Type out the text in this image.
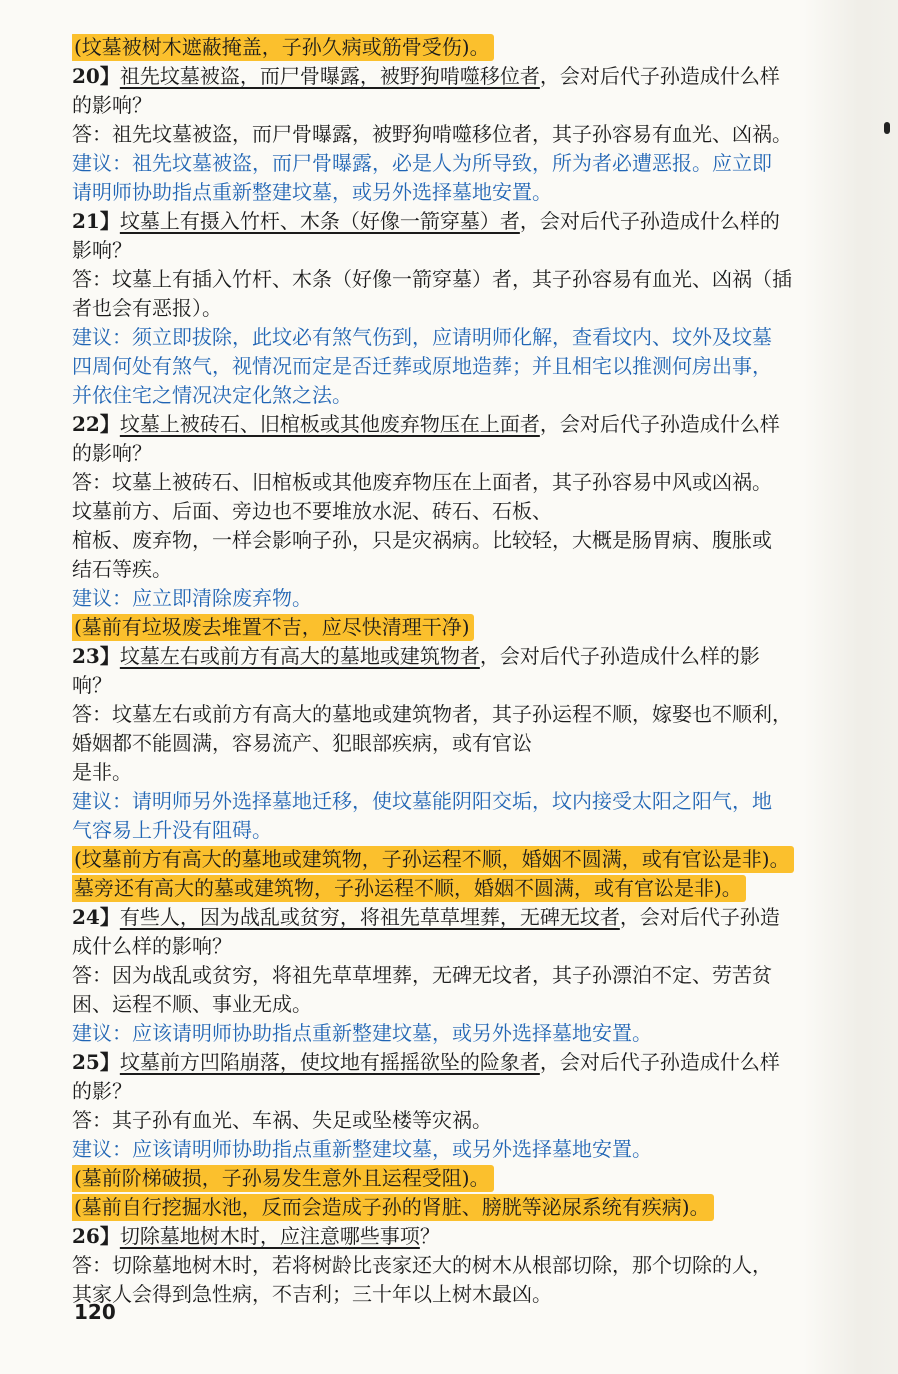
(坟墓被树木遮蔽掩盖，子孙久病或筋骨受伤)。
20】祖先坟墓被盗，而尸骨曝露，被野狗啃噬移位者，会对后代子孙造成什么样
的影响？
答：祖先坟墓被盗，而尸骨曝露，被野狗啃噬移位者，其子孙容易有血光、凶祸。
建议：祖先坟墓被盗，而尸骨曝露，必是人为所导致，所为者必遭恶报。应立即
请明师协助指点重新整建坟墓，或另外选择墓地安置。
21】坟墓上有摄入竹杆、木条（好像一箭穿墓）者，会对后代子孙造成什么样的
影响？
答：坟墓上有插入竹杆、木条（好像一箭穿墓）者，其子孙容易有血光、凶祸（插
者也会有恶报）。
建议：须立即拔除，此坟必有煞气伤到，应请明师化解，查看坟内、坟外及坟墓
四周何处有煞气，视情况而定是否迁葬或原地造葬；并且相宅以推测何房出事，
并依住宅之情况决定化煞之法。
22】坟墓上被砖石、旧棺板或其他废弃物压在上面者，会对后代子孙造成什么样
的影响？
答：坟墓上被砖石、旧棺板或其他废弃物压在上面者，其子孙容易中风或凶祸。
坟墓前方、后面、旁边也不要堆放水泥、砖石、石板、
棺板、废弃物，一样会影响子孙，只是灾祸病。比较轻，大概是肠胃病、腹胀或
结石等疾。
建议：应立即清除废弃物。
(墓前有垃圾废去堆置不吉，应尽快清理干净)
23】坟墓左右或前方有高大的墓地或建筑物者，会对后代子孙造成什么样的影
响？
答：坟墓左右或前方有高大的墓地或建筑物者，其子孙运程不顺，嫁娶也不顺利，
婚姻都不能圆满，容易流产、犯眼部疾病，或有官讼
是非。
建议：请明师另外选择墓地迁移，使坟墓能阴阳交垢，坟内接受太阳之阳气，地
气容易上升没有阻碍。
(坟墓前方有高大的墓地或建筑物，子孙运程不顺，婚姻不圆满，或有官讼是非)。
墓旁还有高大的墓或建筑物，子孙运程不顺，婚姻不圆满，或有官讼是非)。
24】有些人，因为战乱或贫穷，将祖先草草埋葬，无碑无坟者，会对后代子孙造
成什么样的影响？
答：因为战乱或贫穷，将祖先草草埋葬，无碑无坟者，其子孙漂泊不定、劳苦贫
困、运程不顺、事业无成。
建议：应该请明师协助指点重新整建坟墓，或另外选择墓地安置。
25】坟墓前方凹陷崩落，使坟地有摇摇欲坠的险象者，会对后代子孙造成什么样
的影？
答：其子孙有血光、车祸、失足或坠楼等灾祸。
建议：应该请明师协助指点重新整建坟墓，或另外选择墓地安置。
(墓前阶梯破损，子孙易发生意外且运程受阻)。
(墓前自行挖掘水池，反而会造成子孙的肾脏、膀胱等泌尿系统有疾病)。
26】切除墓地树木时，应注意哪些事项？
答：切除墓地树木时，若将树龄比丧家还大的树木从根部切除，那个切除的人，
其家人会得到急性病，不吉利；三十年以上树木最凶。
120
